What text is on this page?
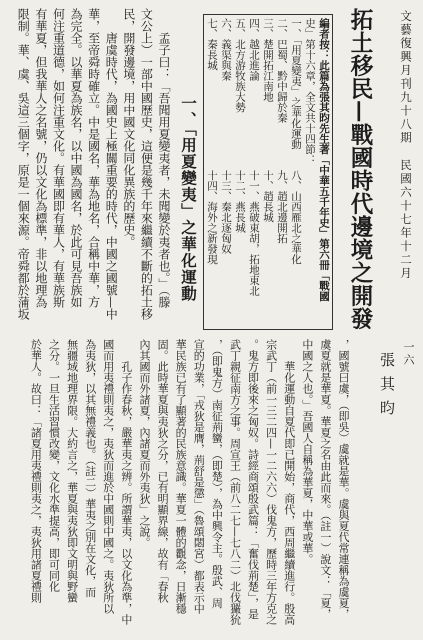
文藝復興月刊九十八期民國六十七年十二月
拓土移民—戰國時代邊境之開發
編者按：此篇為張其昀先生著「中華五千年史」第六冊「戰國
史」第十六章，全文共十四節：
一、「用夏變夷」之華化運動八、山西雁北之華化
二、巴蜀、黔中歸於秦九、趙北邊開拓
三、楚開拓江南地十、趙長城
四、越北進論十一、燕破東胡，拓地東北
五、北方游牧族大勢十二、燕長城
六、義渠與秦十三、秦北逐匈奴
七、秦長城十四、海外之新發現
一、「用夏變夷」之華化運動
孟子曰：「吾聞用夏變夷者，未聞變於夷者也。」（滕
文公上）一部中國歷史，這便是幾千年來繼續不斷的拓土移
民，開發邊境，用中國文化同化異族的歷史。
唐虞時代，為國史上極關重要的時代，中國之國號—中
華，至帝舜時確立。中是國名，華為地名，合稱中華，方
為完全。以華夏為族名，以中國為國名，於此可見吾族如
何注重道德，如何注重文化。有華國即有華人，有華族斯
有華夏，但我華人之名號，仍以文化為標準，非以地理為
限制。華、虞、吳這三個字，原是一個來源。帝舜都於蒲坂
一六
張其昀
，國號曰虞，（即吳）虞就是華。虞與夏代常連稱為虞夏，
虞夏就是華夏。華夏之名由此而來。（註一）說文：「夏，
中國之人也。」吾國人自稱為華夏，中華或華。
華化運動自夏代即已開始，商代，西周繼續進行。殷高
宗武丁（前一三二四—一二六六）伐鬼方，歷時三年方克之
。鬼方即後來之匈奴。詩經商頌殷武篇：「奮伐荊楚」，是
武丁親征南方之事。周宣王（前八二七—七八二）北伐玁狁
，（即鬼方）南征荊蠻，（即楚），為中興令主。殷武、周
宣的功業，「戎狄是膺，荊舒是懲」（魯頌閟宮）都表示中
華民族已有了顯著的民族意識。華夏一體的觀念，日漸穩
固。此時華夏與夷狄之分，已有明顯界線，故有「春秋
內其國而外諸夏，內諸夏而外夷狄」之說。
孔子作春秋，嚴華夷之辨。所謂華夷，以文化為準，中
國而用夷禮則夷之，夷狄而進於中國則中國之。夷狄所以
為夷狄，以其無禮義也。（註二）華夷之別在文化，而
無疆域地理界限。大約言之，華夏與夷狄即文明與野蠻
之分。一旦生活習慣改變，文化水準提高，即可同化
於華人。故曰：「諸夏用夷禮則夷之，夷狄用諸夏禮則
